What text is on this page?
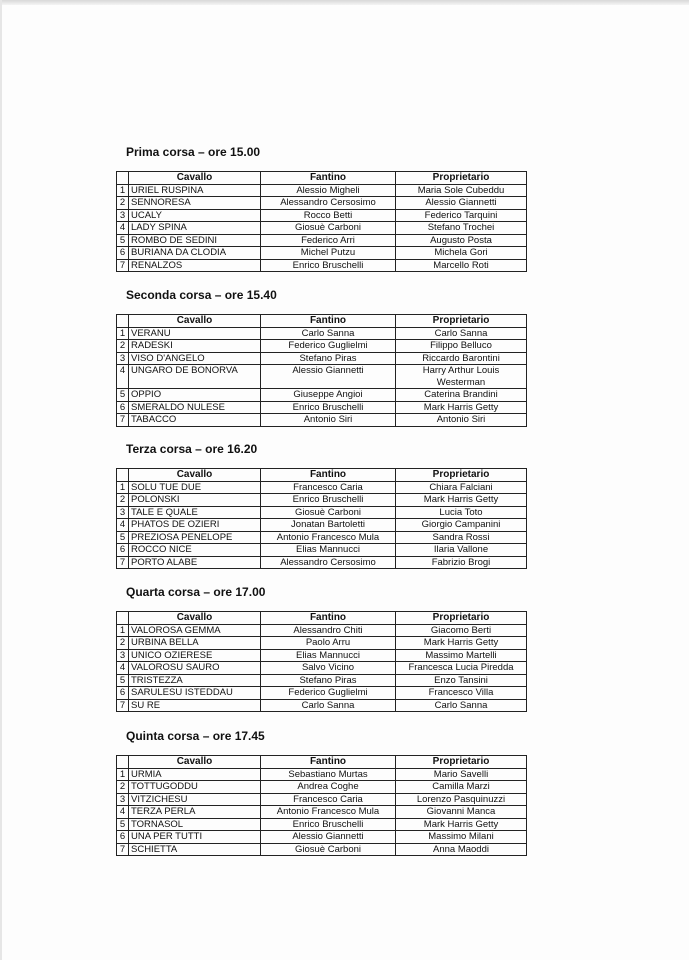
Prima corsa – ore 15.00
	Cavallo	Fantino	Proprietario
1	URIEL RUSPINA	Alessio Migheli	Maria Sole Cubeddu
2	SENNORESA	Alessandro Cersosimo	Alessio Giannetti
3	UCALY	Rocco Betti	Federico Tarquini
4	LADY SPINA	Giosuè Carboni	Stefano Trochei
5	ROMBO DE SEDINI	Federico Arri	Augusto Posta
6	BURIANA DA CLODIA	Michel Putzu	Michela Gori
7	RENALZOS	Enrico Bruschelli	Marcello Roti
Seconda corsa – ore 15.40
	Cavallo	Fantino	Proprietario
1	VERANU	Carlo Sanna	Carlo Sanna
2	RADESKI	Federico Guglielmi	Filippo Belluco
3	VISO D'ANGELO	Stefano Piras	Riccardo Barontini
4	UNGARO DE BONORVA	Alessio Giannetti	Harry Arthur Louis Westerman
5	OPPIO	Giuseppe Angioi	Caterina Brandini
6	SMERALDO NULESE	Enrico Bruschelli	Mark Harris Getty
7	TABACCO	Antonio Siri	Antonio Siri
Terza corsa – ore 16.20
	Cavallo	Fantino	Proprietario
1	SOLU TUE DUE	Francesco Caria	Chiara Falciani
2	POLONSKI	Enrico Bruschelli	Mark Harris Getty
3	TALE E QUALE	Giosuè Carboni	Lucia Toto
4	PHATOS DE OZIERI	Jonatan Bartoletti	Giorgio Campanini
5	PREZIOSA PENELOPE	Antonio Francesco Mula	Sandra Rossi
6	ROCCO NICE	Elias Mannucci	Ilaria Vallone
7	PORTO ALABE	Alessandro Cersosimo	Fabrizio Brogi
Quarta corsa – ore 17.00
	Cavallo	Fantino	Proprietario
1	VALOROSA GEMMA	Alessandro Chiti	Giacomo Berti
2	URBINA BELLA	Paolo Arru	Mark Harris Getty
3	UNICO OZIERESE	Elias Mannucci	Massimo Martelli
4	VALOROSU SAURO	Salvo Vicino	Francesca Lucia Piredda
5	TRISTEZZA	Stefano Piras	Enzo Tansini
6	SARULESU ISTEDDAU	Federico Guglielmi	Francesco Villa
7	SU RE	Carlo Sanna	Carlo Sanna
Quinta corsa – ore 17.45
	Cavallo	Fantino	Proprietario
1	URMIA	Sebastiano Murtas	Mario Savelli
2	TOTTUGODDU	Andrea Coghe	Camilla Marzi
3	VITZICHESU	Francesco Caria	Lorenzo Pasquinuzzi
4	TERZA PERLA	Antonio Francesco Mula	Giovanni Manca
5	TORNASOL	Enrico Bruschelli	Mark Harris Getty
6	UNA PER TUTTI	Alessio Giannetti	Massimo Milani
7	SCHIETTA	Giosuè Carboni	Anna Maoddi
